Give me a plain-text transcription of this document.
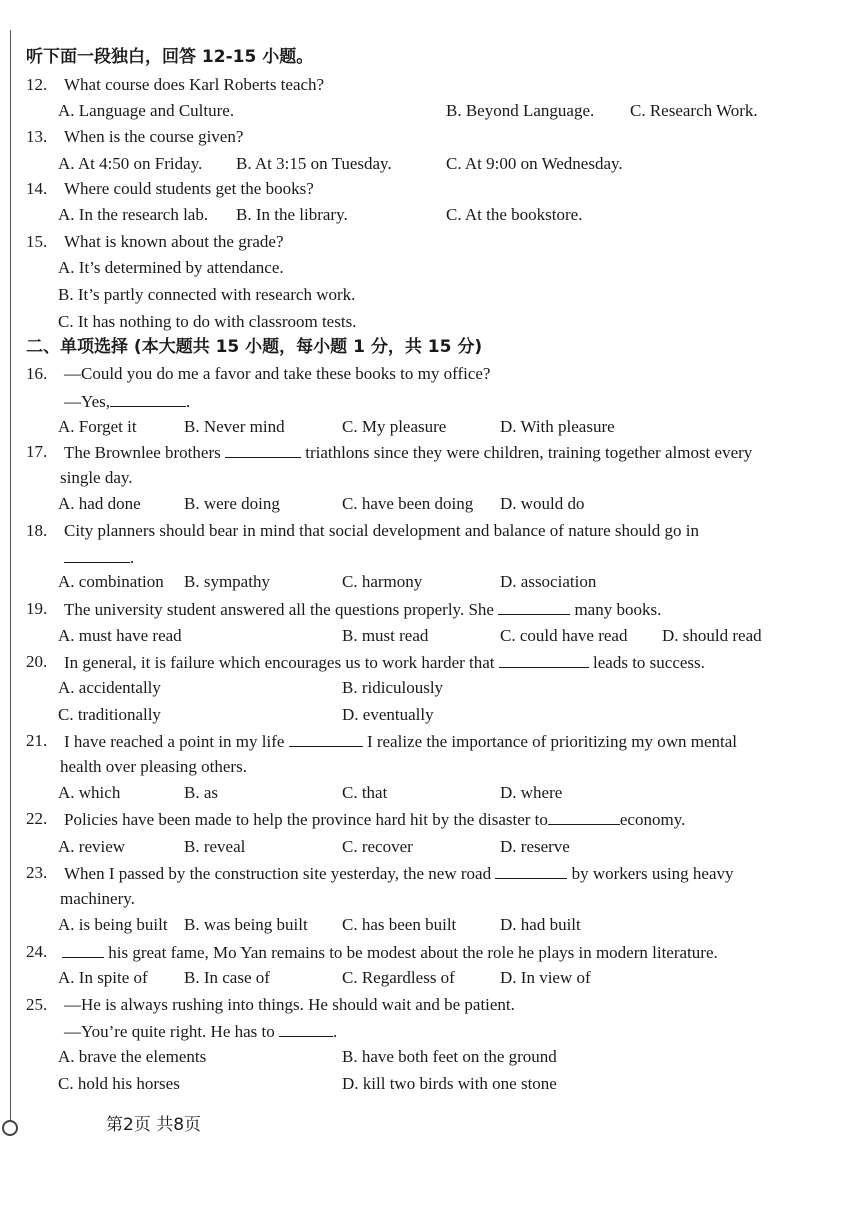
听下面一段独白，回答 12-15 小题。
12. What course does Karl Roberts teach?
A. Language and Culture.	B. Beyond Language. C. Research Work.
13. When is the course given?
A. At 4:50 on Friday. B. At 3:15 on Tuesday.	C. At 9:00 on Wednesday.
14. Where could students get the books?
A. In the research lab. B. In the library.	C. At the bookstore.
15. What is known about the grade?
A. It’s determined by attendance.
B. It’s partly connected with research work.
C. It has nothing to do with classroom tests.
二、单项选择 (本大题共 15 小题，每小题 1 分，共 15 分)
16. —Could you do me a favor and take these books to my office?
—Yes,	.
A. Forget it	B. Never mind	C. My pleasure	D. With pleasure
17. The Brownlee brothers	triathlons since they were children, training together almost every
single day.
A. had done	B. were doing	C. have been doing D. would do
18. City planners should bear in mind that social development and balance of nature should go in
.
A. combination B. sympathy	C. harmony	D. association
19. The university student answered all the questions properly. She	many books.
A. must have read	B. must read	C. could have read D. should read
20. In general, it is failure which encourages us to work harder that	leads to success.
A. accidentally	B. ridiculously
C. traditionally	D. eventually
21. I have reached a point in my life	I realize the importance of prioritizing my own mental
health over pleasing others.
A. which	B. as	C. that	D. where
22. Policies have been made to help the province hard hit by the disaster to	economy.
A. review	B. reveal	C. recover	D. reserve
23. When I passed by the construction site yesterday, the new road	by workers using heavy
machinery.
A. is being built B. was being built C. has been built	D. had built
24.	his great fame, Mo Yan remains to be modest about the role he plays in modern literature.
A. In spite of B. In case of	C. Regardless of	D. In view of
25. —He is always rushing into things. He should wait and be patient.
—You’re quite right. He has to	.
A. brave the elements	B. have both feet on the ground
C. hold his horses	D. kill two birds with one stone
第2页 共8页
